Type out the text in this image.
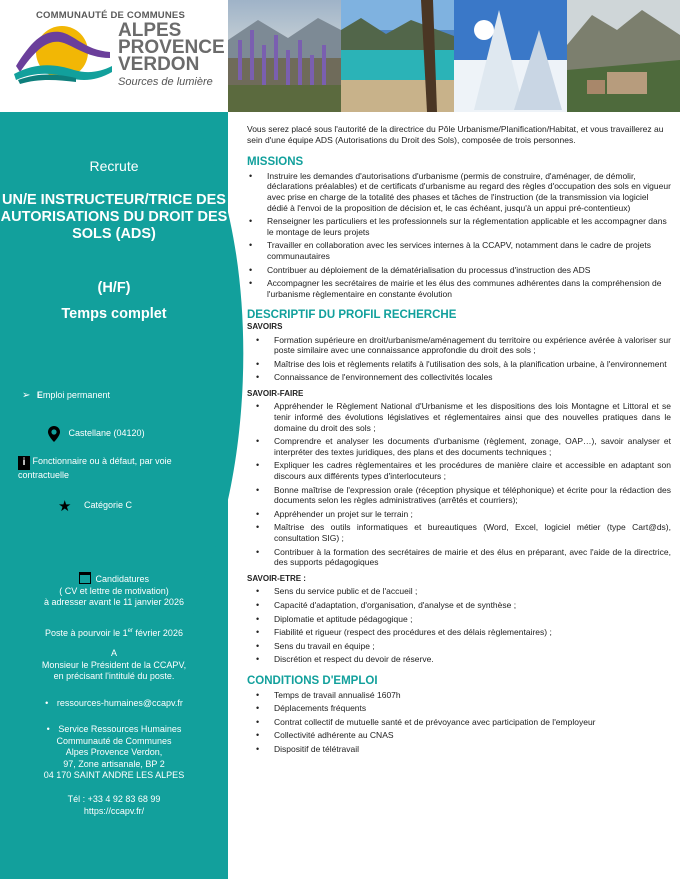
COMMUNAUTÉ DE COMMUNES
ALPES
PROVENCE
VERDON
Sources de lumière
Recrute
UN/E INSTRUCTEUR/TRICE DES AUTORISATIONS DU DROIT DES SOLS (ADS)
(H/F)
Temps complet
➢ Emploi permanent
Castellane (04120)
i Fonctionnaire ou à défaut, par voie contractuelle
★ Catégorie C
Candidatures
( CV et lettre de motivation)
à adresser avant le 11 janvier 2026
Poste à pourvoir le 1er février 2026
A
Monsieur le Président de la CCAPV,
en précisant l'intitulé du poste.
• ressources-humaines@ccapv.fr
• Service Ressources Humaines
Communauté de Communes
Alpes Provence Verdon,
97, Zone artisanale, BP 2
04 170 SAINT ANDRE LES ALPES
Tél : +33 4 92 83 68 99
https://ccapv.fr/
Vous serez placé sous l'autorité de la directrice du Pôle Urbanisme/Planification/Habitat, et vous travaillerez au sein d'une équipe ADS (Autorisations du Droit des Sols), composée de trois personnes.
MISSIONS
• Instruire les demandes d'autorisations d'urbanisme (permis de construire, d'aménager, de démolir, déclarations préalables) et de certificats d'urbanisme au regard des règles d'occupation des sols en vigueur avec prise en charge de la totalité des phases et tâches de l'instruction (de la transmission via logiciel dédié à l'envoi de la proposition de décision et, le cas échéant, jusqu'à un appui pré-contentieux)
• Renseigner les particuliers et les professionnels sur la réglementation applicable et les accompagner dans le montage de leurs projets
• Travailler en collaboration avec les services internes à la CCAPV, notamment dans le cadre de projets communautaires
• Contribuer au déploiement de la dématérialisation du processus d'instruction des ADS
• Accompagner les secrétaires de mairie et les élus des communes adhérentes dans la compréhension de l'urbanisme règlementaire en constante évolution
DESCRIPTIF DU PROFIL RECHERCHE
SAVOIRS
• Formation supérieure en droit/urbanisme/aménagement du territoire ou expérience avérée à valoriser sur poste similaire avec une connaissance approfondie du droit des sols ;
• Maîtrise des lois et règlements relatifs à l'utilisation des sols, à la planification urbaine, à l'environnement
• Connaissance de l'environnement des collectivités locales
SAVOIR-FAIRE
• Appréhender le Règlement National d'Urbanisme et les dispositions des lois Montagne et Littoral et se tenir informé des évolutions législatives et réglementaires ainsi que des nouvelles pratiques dans le domaine du droit des sols ;
• Comprendre et analyser les documents d'urbanisme (règlement, zonage, OAP…), savoir analyser et interpréter des textes juridiques, des plans et des documents techniques ;
• Expliquer les cadres règlementaires et les procédures de manière claire et accessible en adaptant son discours aux différents types d'interlocuteurs ;
• Bonne maîtrise de l'expression orale (réception physique et téléphonique) et écrite pour la rédaction des documents selon les règles administratives (arrêtés et courriers);
• Appréhender un projet sur le terrain ;
• Maîtrise des outils informatiques et bureautiques (Word, Excel, logiciel métier (type Cart@ds), consultation SIG) ;
• Contribuer à la formation des secrétaires de mairie et des élus en préparant, avec l'aide de la directrice, des supports pédagogiques
SAVOIR-ETRE :
• Sens du service public et de l'accueil ;
• Capacité d'adaptation, d'organisation, d'analyse et de synthèse ;
• Diplomatie et aptitude pédagogique ;
• Fiabilité et rigueur (respect des procédures et des délais règlementaires) ;
• Sens du travail en équipe ;
• Discrétion et respect du devoir de réserve.
CONDITIONS D'EMPLOI
• Temps de travail annualisé 1607h
• Déplacements fréquents
• Contrat collectif de mutuelle santé et de prévoyance avec participation de l'employeur
• Collectivité adhérente au CNAS
• Dispositif de télétravail
